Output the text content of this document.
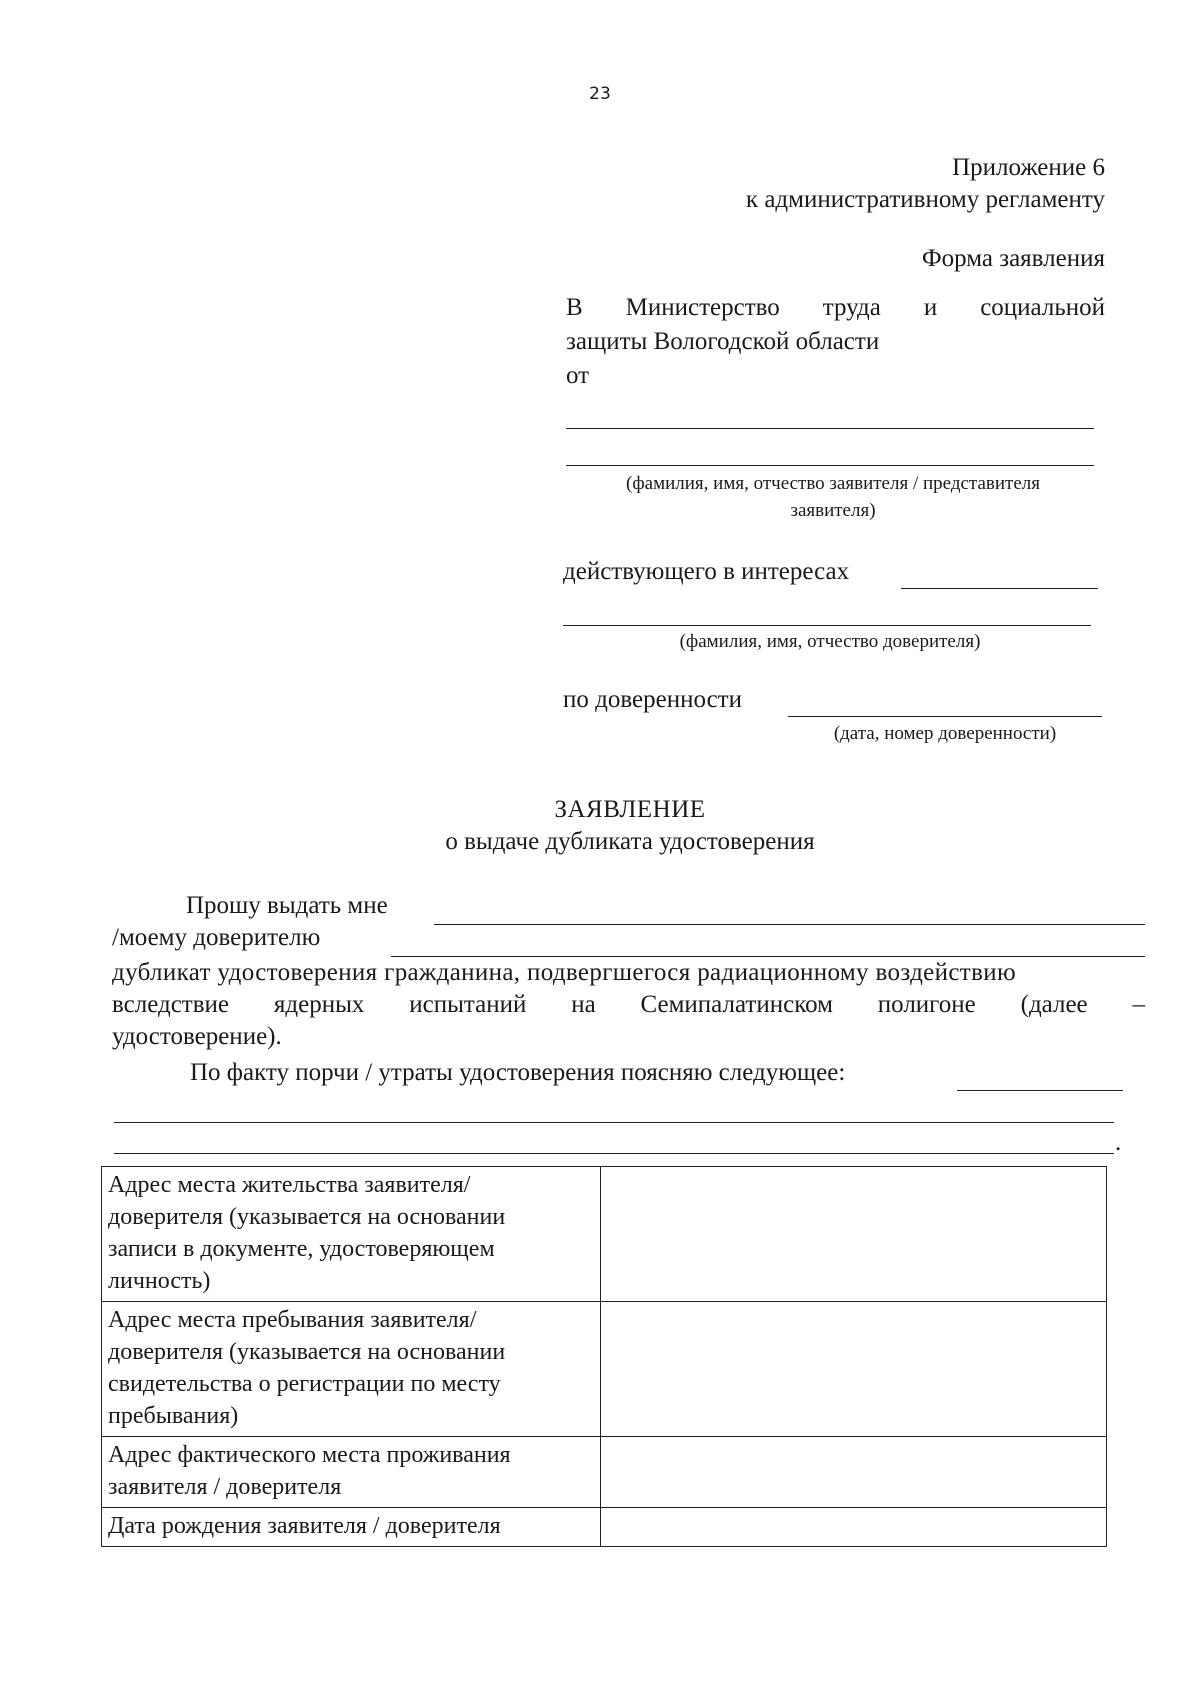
23
Приложение 6
к административному регламенту
Форма заявления
В Министерство труда и социальной
защиты Вологодской области
от
(фамилия, имя, отчество заявителя / представителя
заявителя)
действующего в интересах
(фамилия, имя, отчество доверителя)
по доверенности
(дата, номер доверенности)
ЗАЯВЛЕНИЕ
о выдаче дубликата удостоверения
Прошу выдать мне
/моему доверителю
дубликат удостоверения гражданина, подвергшегося радиационному воздействию
вследствие ядерных испытаний на Семипалатинском полигоне (далее –
удостоверение).
По факту порчи / утраты удостоверения поясняю следующее:
.
Адрес места жительства заявителя/
доверителя (указывается на основании
записи в документе, удостоверяющем
личность)	

Адрес места пребывания заявителя/
доверителя (указывается на основании
свидетельства о регистрации по месту
пребывания)	

Адрес фактического места проживания
заявителя / доверителя	

Дата рождения заявителя / доверителя	
